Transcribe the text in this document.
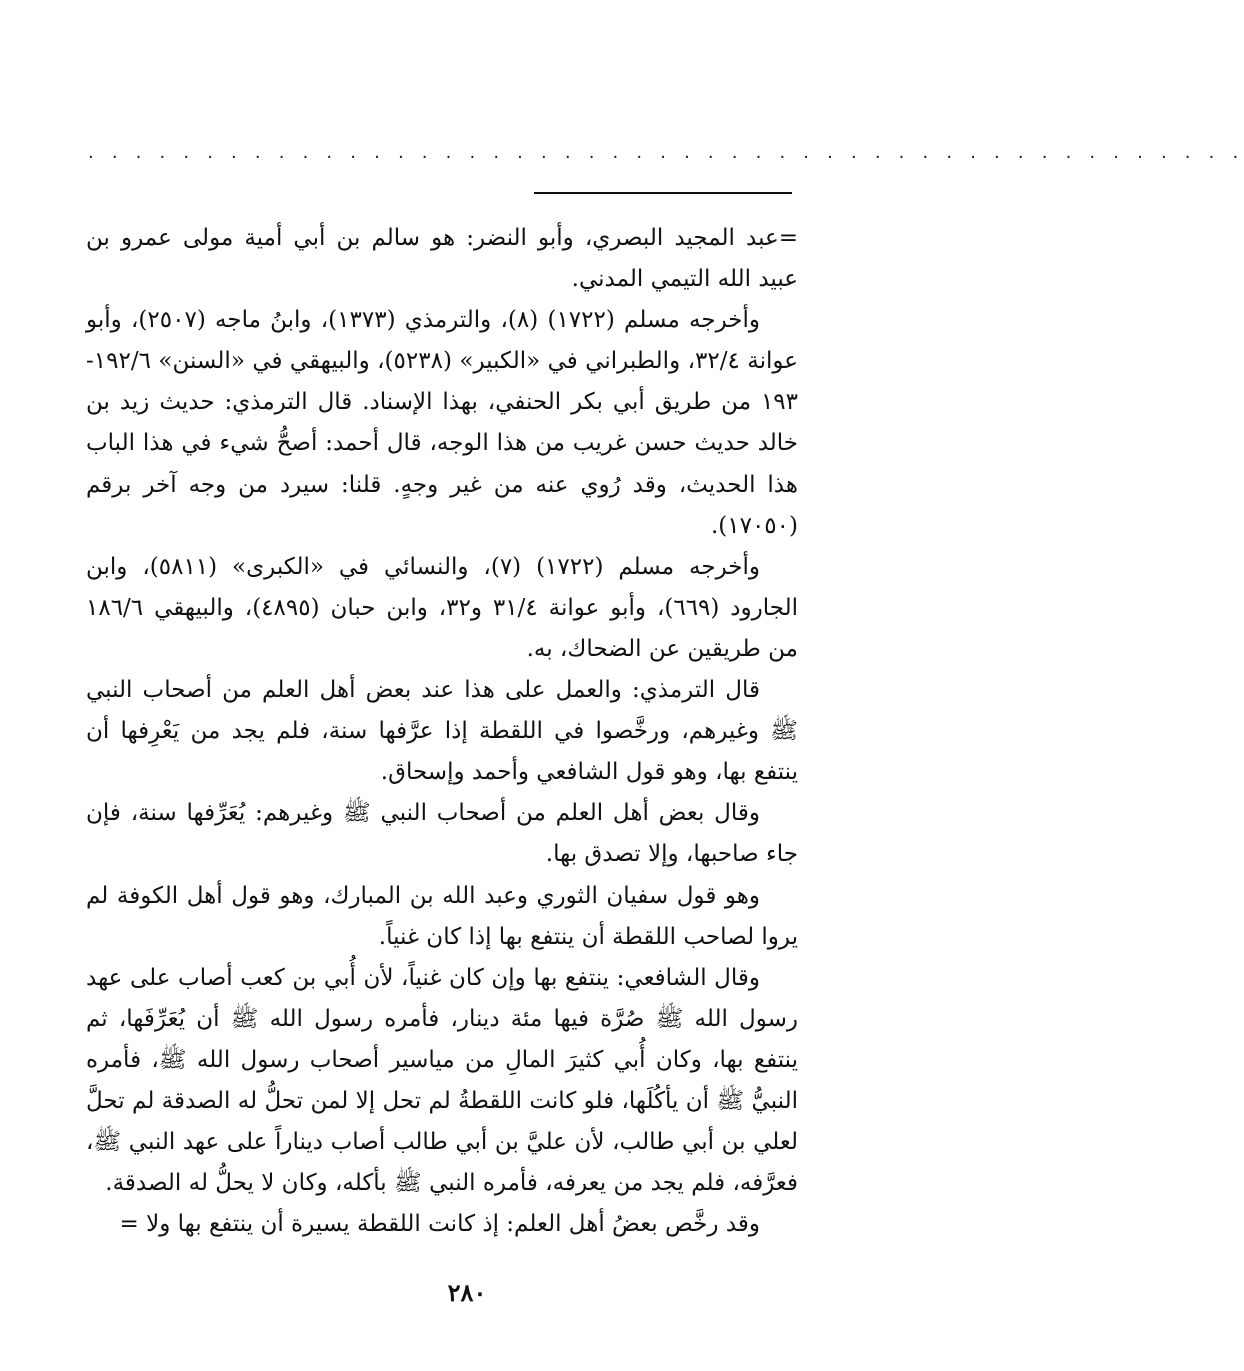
. . . . . . . . . . . . . . . . . . . . . . . . . . . . . . . . . . . . . . . . . . . . . . . . .

=عبد المجيد البصري، وأبو النضر: هو سالم بن أبي أمية مولى عمرو بن عبيد الله التيمي المدني.

وأخرجه مسلم (١٧٢٢) (٨)، والترمذي (١٣٧٣)، وابنُ ماجه (٢٥٠٧)، وأبو عوانة ٣٢/٤، والطبراني في «الكبير» (٥٢٣٨)، والبيهقي في «السنن» ١٩٢/٦- ١٩٣ من طريق أبي بكر الحنفي، بهذا الإسناد. قال الترمذي: حديث زيد بن خالد حديث حسن غريب من هذا الوجه، قال أحمد: أصحُّ شيء في هذا الباب هذا الحديث، وقد رُوي عنه من غير وجهٍ. قلنا: سيرد من وجه آخر برقم (١٧٠٥٠).

وأخرجه مسلم (١٧٢٢) (٧)، والنسائي في «الكبرى» (٥٨١١)، وابن الجارود (٦٦٩)، وأبو عوانة ٣١/٤ و٣٢، وابن حبان (٤٨٩٥)، والبيهقي ١٨٦/٦ من طريقين عن الضحاك، به.

قال الترمذي: والعمل على هذا عند بعض أهل العلم من أصحاب النبي ﷺ وغيرهم، ورخَّصوا في اللقطة إذا عرَّفها سنة، فلم يجد من يَعْرِفها أن ينتفع بها، وهو قول الشافعي وأحمد وإسحاق.

وقال بعض أهل العلم من أصحاب النبي ﷺ وغيرهم: يُعَرِّفها سنة، فإن جاء صاحبها، وإلا تصدق بها.

وهو قول سفيان الثوري وعبد الله بن المبارك، وهو قول أهل الكوفة لم يروا لصاحب اللقطة أن ينتفع بها إذا كان غنياً.

وقال الشافعي: ينتفع بها وإن كان غنياً، لأن أُبي بن كعب أصاب على عهد رسول الله ﷺ صُرَّة فيها مئة دينار، فأمره رسول الله ﷺ أن يُعَرِّفَها، ثم ينتفع بها، وكان أُبي كثيرَ المالِ من مياسير أصحاب رسول الله ﷺ، فأمره النبيُّ ﷺ أن يأكُلَها، فلو كانت اللقطةُ لم تحل إلا لمن تحلُّ له الصدقة لم تحلَّ لعلي بن أبي طالب، لأن عليَّ بن أبي طالب أصاب ديناراً على عهد النبي ﷺ، فعرَّفه، فلم يجد من يعرفه، فأمره النبي ﷺ بأكله، وكان لا يحلُّ له الصدقة.

وقد رخَّص بعضُ أهل العلم: إذ كانت اللقطة يسيرة أن ينتفع بها ولا =

٢٨٠
